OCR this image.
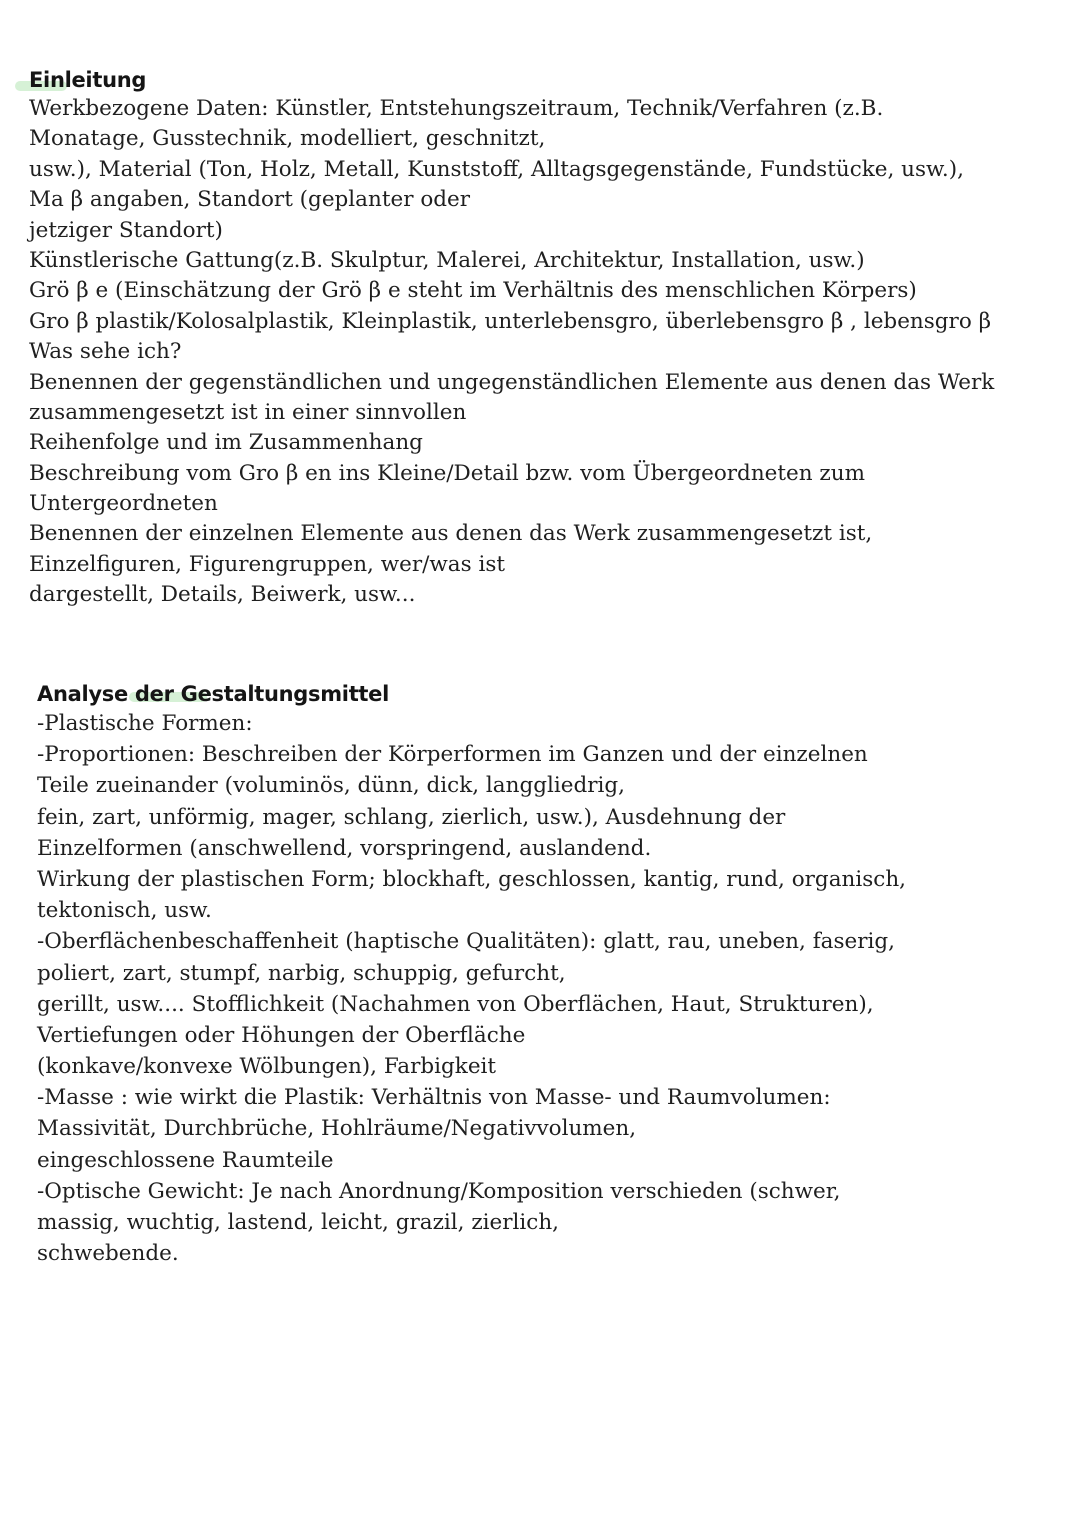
Einleitung
Werkbezogene Daten: Künstler, Entstehungszeitraum, Technik/Verfahren (z.B.
Monatage, Gusstechnik, modelliert, geschnitzt,
usw.), Material (Ton, Holz, Metall, Kunststoff, Alltagsgegenstände, Fundstücke, usw.),
Ma β angaben, Standort (geplanter oder
jetziger Standort)
Künstlerische Gattung(z.B. Skulptur, Malerei, Architektur, Installation, usw.)
Grö β e (Einschätzung der Grö β e steht im Verhältnis des menschlichen Körpers)
Gro β plastik/Kolosalplastik, Kleinplastik, unterlebensgro, überlebensgro β , lebensgro β
Was sehe ich?
Benennen der gegenständlichen und ungegenständlichen Elemente aus denen das Werk
zusammengesetzt ist in einer sinnvollen
Reihenfolge und im Zusammenhang
Beschreibung vom Gro β en ins Kleine/Detail bzw. vom Übergeordneten zum
Untergeordneten
Benennen der einzelnen Elemente aus denen das Werk zusammengesetzt ist,
Einzelfiguren, Figurengruppen, wer/was ist
dargestellt, Details, Beiwerk, usw...
Analyse der Gestaltungsmittel
-Plastische Formen:
-Proportionen: Beschreiben der Körperformen im Ganzen und der einzelnen
Teile zueinander (voluminös, dünn, dick, langgliedrig,
fein, zart, unförmig, mager, schlang, zierlich, usw.), Ausdehnung der
Einzelformen (anschwellend, vorspringend, auslandend.
Wirkung der plastischen Form; blockhaft, geschlossen, kantig, rund, organisch,
tektonisch, usw.
-Oberflächenbeschaffenheit (haptische Qualitäten): glatt, rau, uneben, faserig,
poliert, zart, stumpf, narbig, schuppig, gefurcht,
gerillt, usw.... Stofflichkeit (Nachahmen von Oberflächen, Haut, Strukturen),
Vertiefungen oder Höhungen der Oberfläche
(konkave/konvexe Wölbungen), Farbigkeit
-Masse : wie wirkt die Plastik: Verhältnis von Masse- und Raumvolumen:
Massivität, Durchbrüche, Hohlräume/Negativvolumen,
eingeschlossene Raumteile
-Optische Gewicht: Je nach Anordnung/Komposition verschieden (schwer,
massig, wuchtig, lastend, leicht, grazil, zierlich,
schwebende.
